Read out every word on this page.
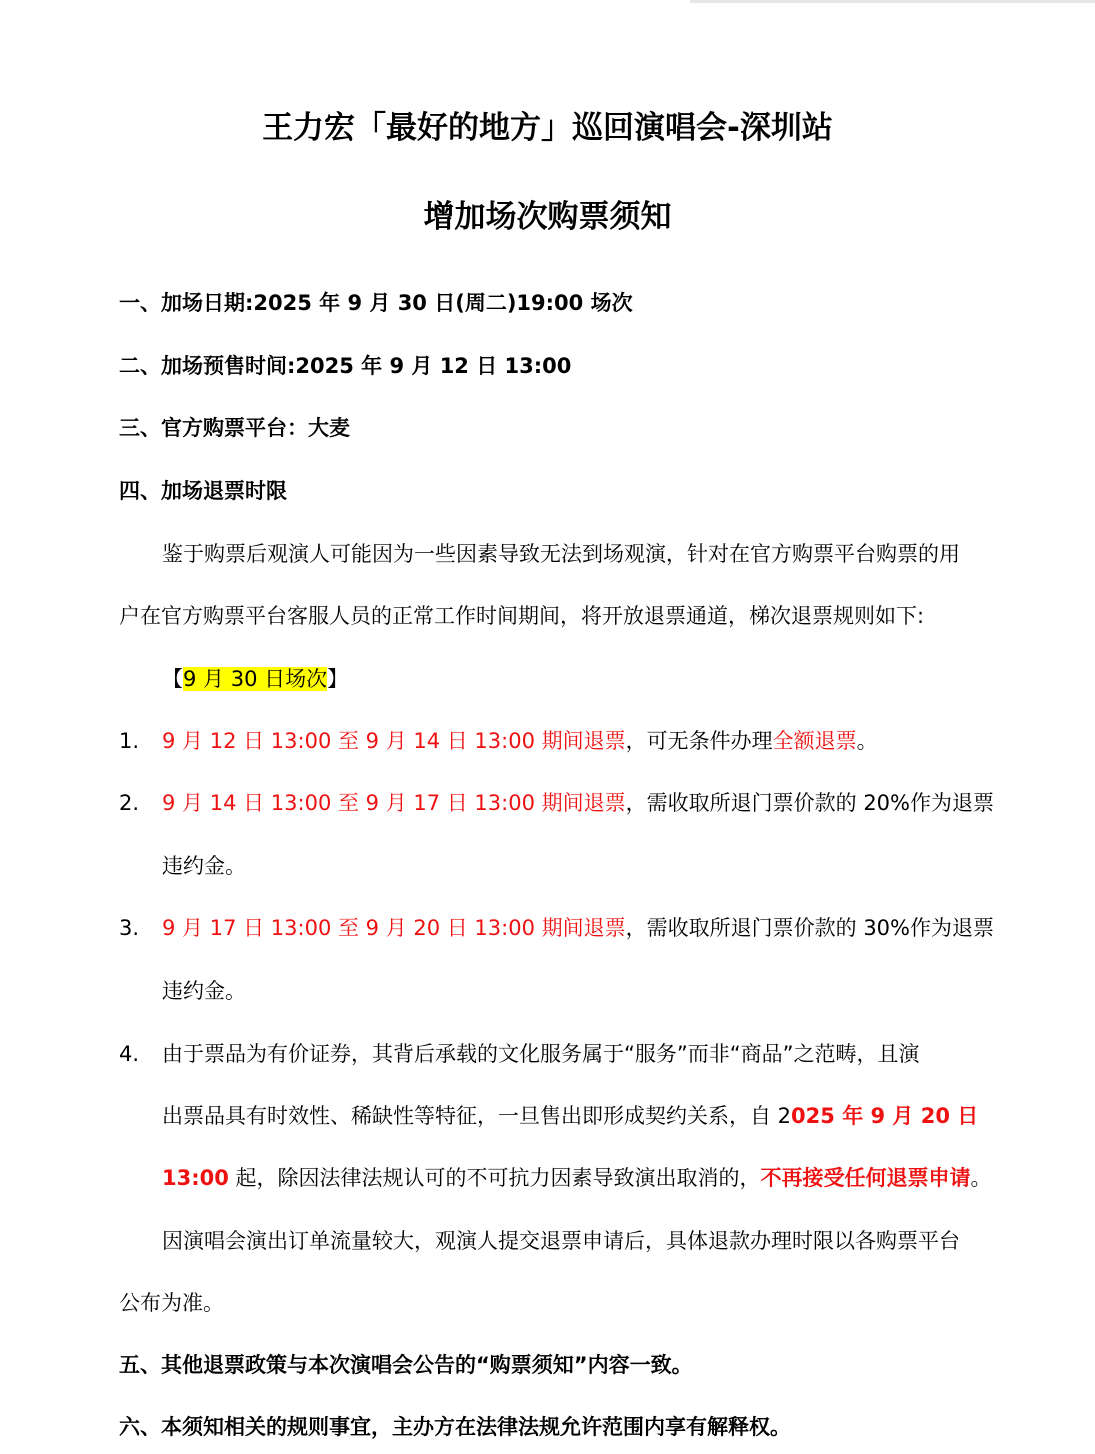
王力宏「最好的地方」巡回演唱会-深圳站
增加场次购票须知
一、加场日期:2025 年 9 月 30 日(周二)19:00 场次
二、加场预售时间:2025 年 9 月 12 日 13:00
三、官方购票平台：大麦
四、加场退票时限
鉴于购票后观演人可能因为一些因素导致无法到场观演，针对在官方购票平台购票的用
户在官方购票平台客服人员的正常工作时间期间，将开放退票通道，梯次退票规则如下:
【9 月 30 日场次】
1. 9 月 12 日 13:00 至 9 月 14 日 13:00 期间退票，可无条件办理全额退票。
2. 9 月 14 日 13:00 至 9 月 17 日 13:00 期间退票，需收取所退门票价款的 20%作为退票
违约金。
3. 9 月 17 日 13:00 至 9 月 20 日 13:00 期间退票，需收取所退门票价款的 30%作为退票
违约金。
4. 由于票品为有价证券，其背后承载的文化服务属于“服务”而非“商品”之范畴，且演
出票品具有时效性、稀缺性等特征，一旦售出即形成契约关系，自 2025 年 9 月 20 日
13:00 起，除因法律法规认可的不可抗力因素导致演出取消的，不再接受任何退票申请。
因演唱会演出订单流量较大，观演人提交退票申请后，具体退款办理时限以各购票平台
公布为准。
五、其他退票政策与本次演唱会公告的“购票须知”内容一致。
六、本须知相关的规则事宜，主办方在法律法规允许范围内享有解释权。
